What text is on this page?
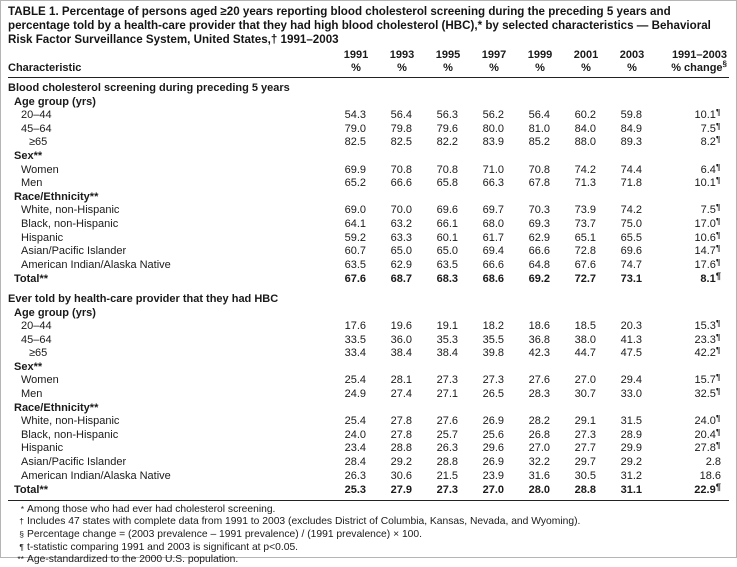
TABLE 1. Percentage of persons aged ≥20 years reporting blood cholesterol screening during the preceding 5 years and percentage told by a health-care provider that they had high blood cholesterol (HBC),* by selected characteristics — Behavioral Risk Factor Surveillance System, United States,† 1991–2003

	1991	1993	1995	1997	1999	2001	2003	1991–2003
Characteristic	%	%	%	%	%	%	%	% change§
Blood cholesterol screening during preceding 5 years								
Age group (yrs)								
20–44	54.3	56.4	56.3	56.2	56.4	60.2	59.8	10.1¶
45–64	79.0	79.8	79.6	80.0	81.0	84.0	84.9	7.5¶
≥65	82.5	82.5	82.2	83.9	85.2	88.0	89.3	8.2¶
Sex**								
Women	69.9	70.8	70.8	71.0	70.8	74.2	74.4	6.4¶
Men	65.2	66.6	65.8	66.3	67.8	71.3	71.8	10.1¶
Race/Ethnicity**								
White, non-Hispanic	69.0	70.0	69.6	69.7	70.3	73.9	74.2	7.5¶
Black, non-Hispanic	64.1	63.2	66.1	68.0	69.3	73.7	75.0	17.0¶
Hispanic	59.2	63.3	60.1	61.7	62.9	65.1	65.5	10.6¶
Asian/Pacific Islander	60.7	65.0	65.0	69.4	66.6	72.8	69.6	14.7¶
American Indian/Alaska Native	63.5	62.9	63.5	66.6	64.8	67.6	74.7	17.6¶
Total**	67.6	68.7	68.3	68.6	69.2	72.7	73.1	8.1¶
Ever told by health-care provider that they had HBC								
Age group (yrs)								
20–44	17.6	19.6	19.1	18.2	18.6	18.5	20.3	15.3¶
45–64	33.5	36.0	35.3	35.5	36.8	38.0	41.3	23.3¶
≥65	33.4	38.4	38.4	39.8	42.3	44.7	47.5	42.2¶
Sex**								
Women	25.4	28.1	27.3	27.3	27.6	27.0	29.4	15.7¶
Men	24.9	27.4	27.1	26.5	28.3	30.7	33.0	32.5¶
Race/Ethnicity**								
White, non-Hispanic	25.4	27.8	27.6	26.9	28.2	29.1	31.5	24.0¶
Black, non-Hispanic	24.0	27.8	25.7	25.6	26.8	27.3	28.9	20.4¶
Hispanic	23.4	28.8	26.3	29.6	27.0	27.7	29.9	27.8¶
Asian/Pacific Islander	28.4	29.2	28.8	26.9	32.2	29.7	29.2	2.8
American Indian/Alaska Native	26.3	30.6	21.5	23.9	31.6	30.5	31.2	18.6
Total**	25.3	27.9	27.3	27.0	28.0	28.8	31.1	22.9¶
* Among those who had ever had cholesterol screening.
† Includes 47 states with complete data from 1991 to 2003 (excludes District of Columbia, Kansas, Nevada, and Wyoming).
§ Percentage change = (2003 prevalence – 1991 prevalence) / (1991 prevalence) × 100.
¶ t-statistic comparing 1991 and 2003 is significant at p<0.05.
** Age-standardized to the 2000 U.S. population.
